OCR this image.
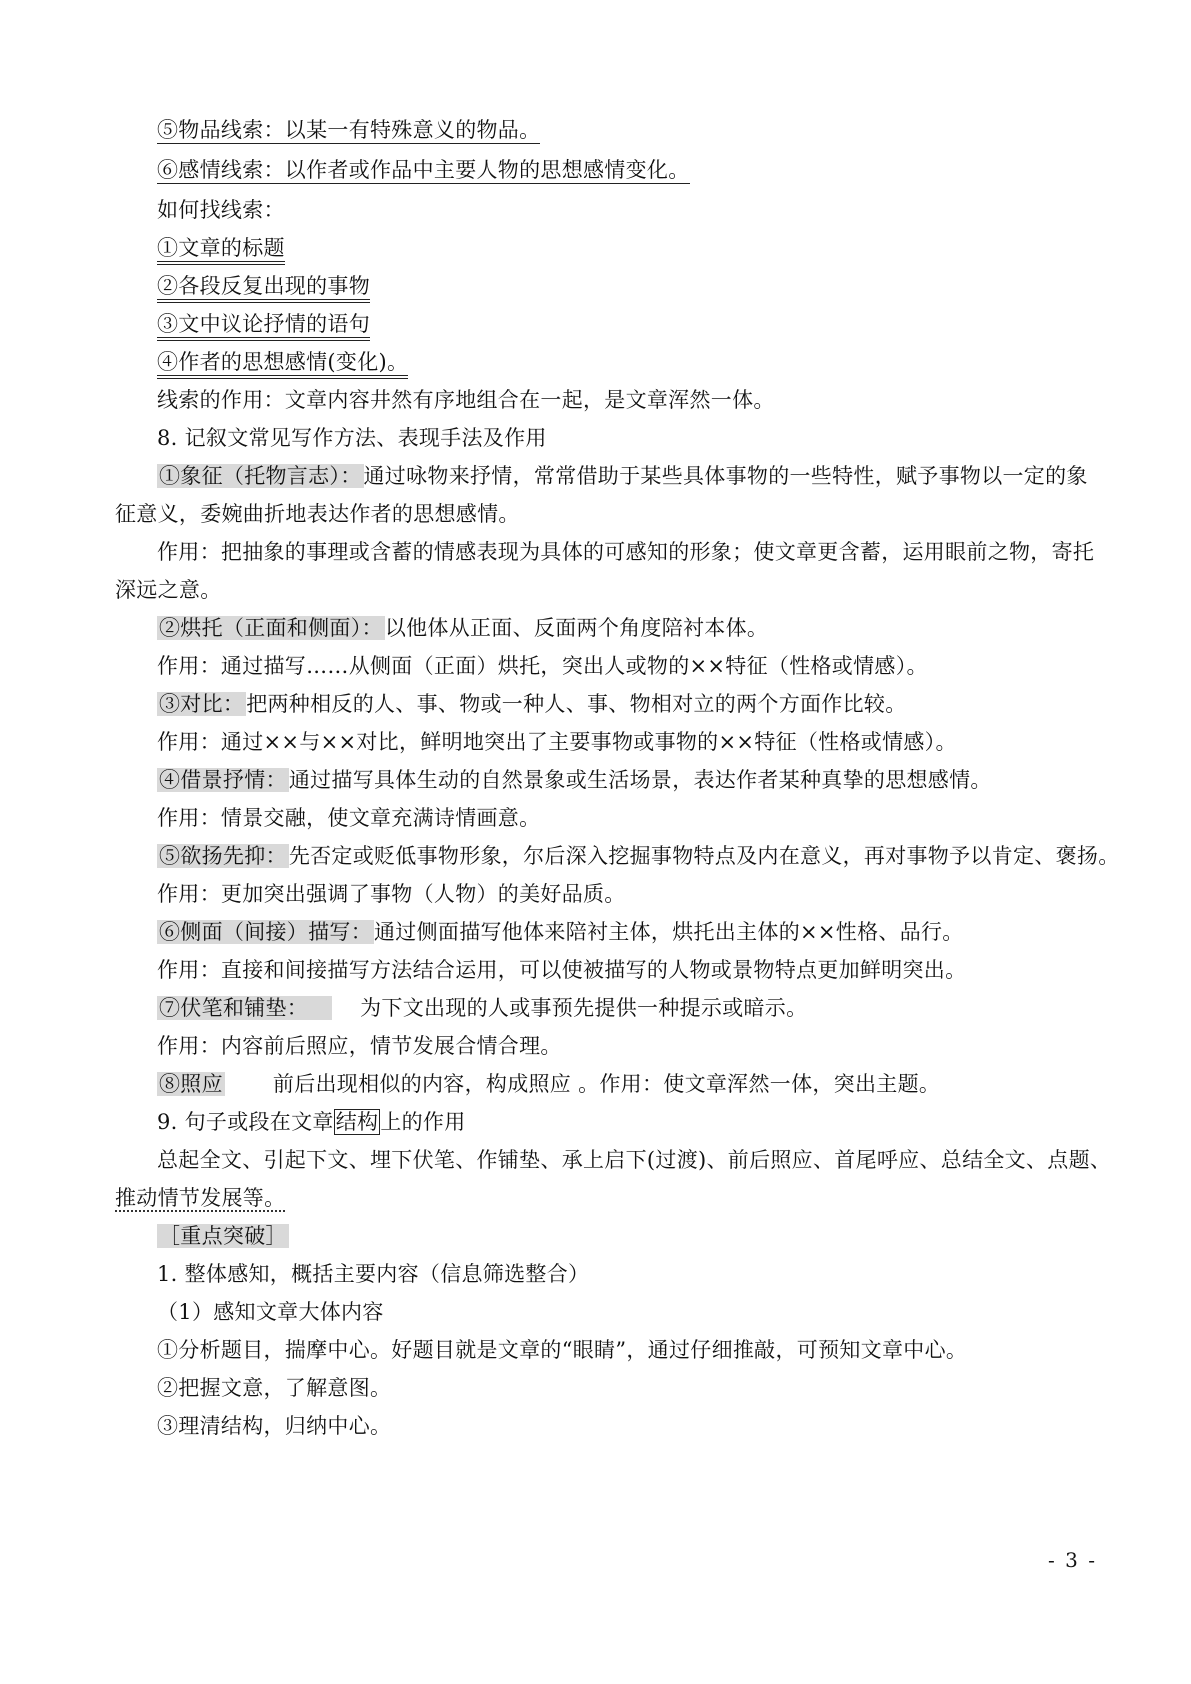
⑤物品线索：以某一有特殊意义的物品。
⑥感情线索：以作者或作品中主要人物的思想感情变化。
如何找线索：
①文章的标题
②各段反复出现的事物
③文中议论抒情的语句
④作者的思想感情(变化)。
线索的作用：文章内容井然有序地组合在一起，是文章浑然一体。
8. 记叙文常见写作方法、表现手法及作用
①象征（托物言志）：通过咏物来抒情，常常借助于某些具体事物的一些特性，赋予事物以一定的象
征意义，委婉曲折地表达作者的思想感情。
作用：把抽象的事理或含蓄的情感表现为具体的可感知的形象；使文章更含蓄，运用眼前之物，寄托
深远之意。
②烘托（正面和侧面）：以他体从正面、反面两个角度陪衬本体。
作用：通过描写……从侧面（正面）烘托，突出人或物的××特征（性格或情感）。
③对比：把两种相反的人、事、物或一种人、事、物相对立的两个方面作比较。
作用：通过××与××对比，鲜明地突出了主要事物或事物的××特征（性格或情感）。
④借景抒情：通过描写具体生动的自然景象或生活场景，表达作者某种真挚的思想感情。
作用：情景交融，使文章充满诗情画意。
⑤欲扬先抑：先否定或贬低事物形象，尔后深入挖掘事物特点及内在意义，再对事物予以肯定、褒扬。
作用：更加突出强调了事物（人物）的美好品质。
⑥侧面（间接）描写：通过侧面描写他体来陪衬主体，烘托出主体的××性格、品行。
作用：直接和间接描写方法结合运用，可以使被描写的人物或景物特点更加鲜明突出。
⑦伏笔和铺垫： 为下文出现的人或事预先提供一种提示或暗示。
作用：内容前后照应，情节发展合情合理。
⑧照应 前后出现相似的内容，构成照应 。作用：使文章浑然一体，突出主题。
9. 句子或段在文章结构上的作用
总起全文、引起下文、埋下伏笔、作铺垫、承上启下(过渡)、前后照应、首尾呼应、总结全文、点题、
推动情节发展等。
［重点突破］
1. 整体感知，概括主要内容（信息筛选整合）
（1）感知文章大体内容
①分析题目，揣摩中心。好题目就是文章的“眼睛”，通过仔细推敲，可预知文章中心。
②把握文意，了解意图。
③理清结构，归纳中心。
- 3 -
